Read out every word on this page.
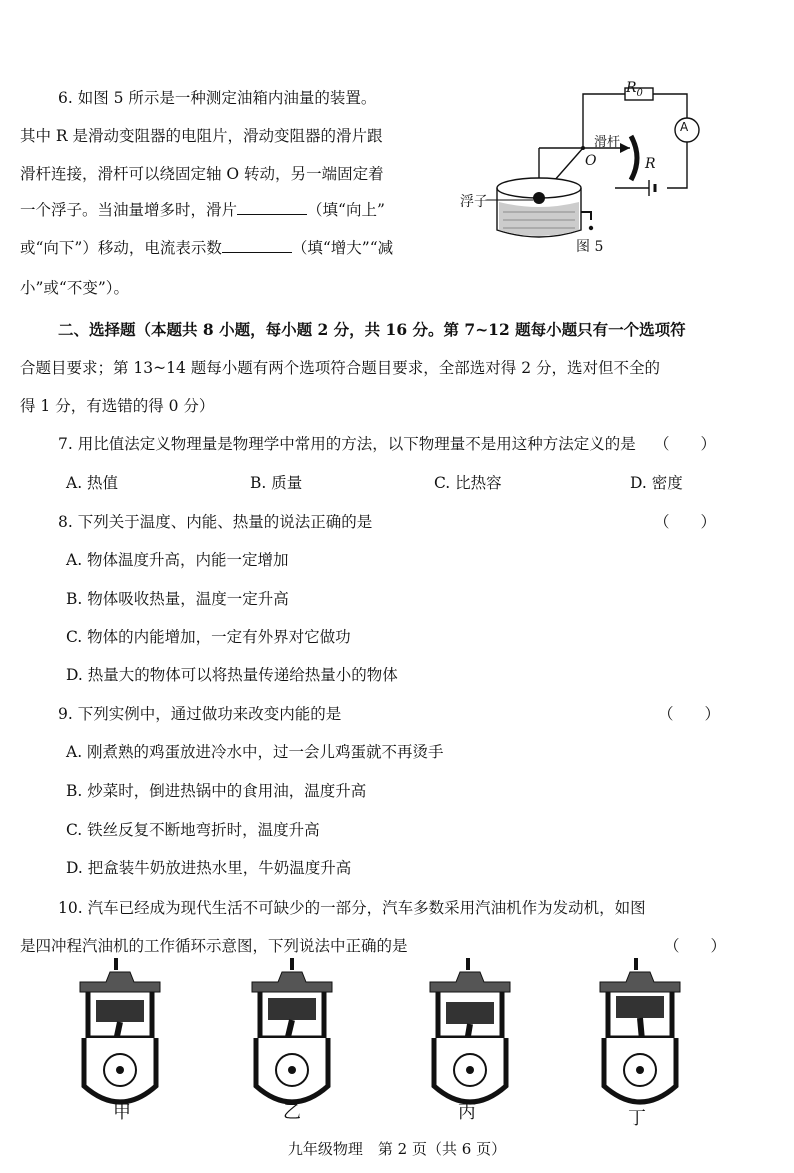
6. 如图 5 所示是一种测定油箱内油量的装置。
其中 R 是滑动变阻器的电阻片，滑动变阻器的滑片跟
滑杆连接，滑杆可以绕固定轴 O 转动，另一端固定着
一个浮子。当油量增多时，滑片	（填“向上”
或“向下”）移动，电流表示数	（填“增大”“减
小”或“不变”）。
$R_0$
A
滑杆
O	R
浮子
图 5
二、选择题（本题共 8 小题，每小题 2 分，共 16 分。第 7~12 题每小题只有一个选项符
合题目要求；第 13~14 题每小题有两个选项符合题目要求，全部选对得 2 分，选对但不全的
得 1 分，有选错的得 0 分）
7. 用比值法定义物理量是物理学中常用的方法，以下物理量不是用这种方法定义的是 （　　）
A. 热值	B. 质量	C. 比热容	D. 密度
8. 下列关于温度、内能、热量的说法正确的是	（　　）
A. 物体温度升高，内能一定增加
B. 物体吸收热量，温度一定升高
C. 物体的内能增加，一定有外界对它做功
D. 热量大的物体可以将热量传递给热量小的物体
9. 下列实例中，通过做功来改变内能的是	（　　）
A. 刚煮熟的鸡蛋放进冷水中，过一会儿鸡蛋就不再烫手
B. 炒菜时，倒进热锅中的食用油，温度升高
C. 铁丝反复不断地弯折时，温度升高
D. 把盒装牛奶放进热水里，牛奶温度升高
10. 汽车已经成为现代生活不可缺少的一部分，汽车多数采用汽油机作为发动机，如图
是四冲程汽油机的工作循环示意图，下列说法中正确的是	（　　）
甲	乙	丙	丁
九年级物理　第 2 页（共 6 页）
